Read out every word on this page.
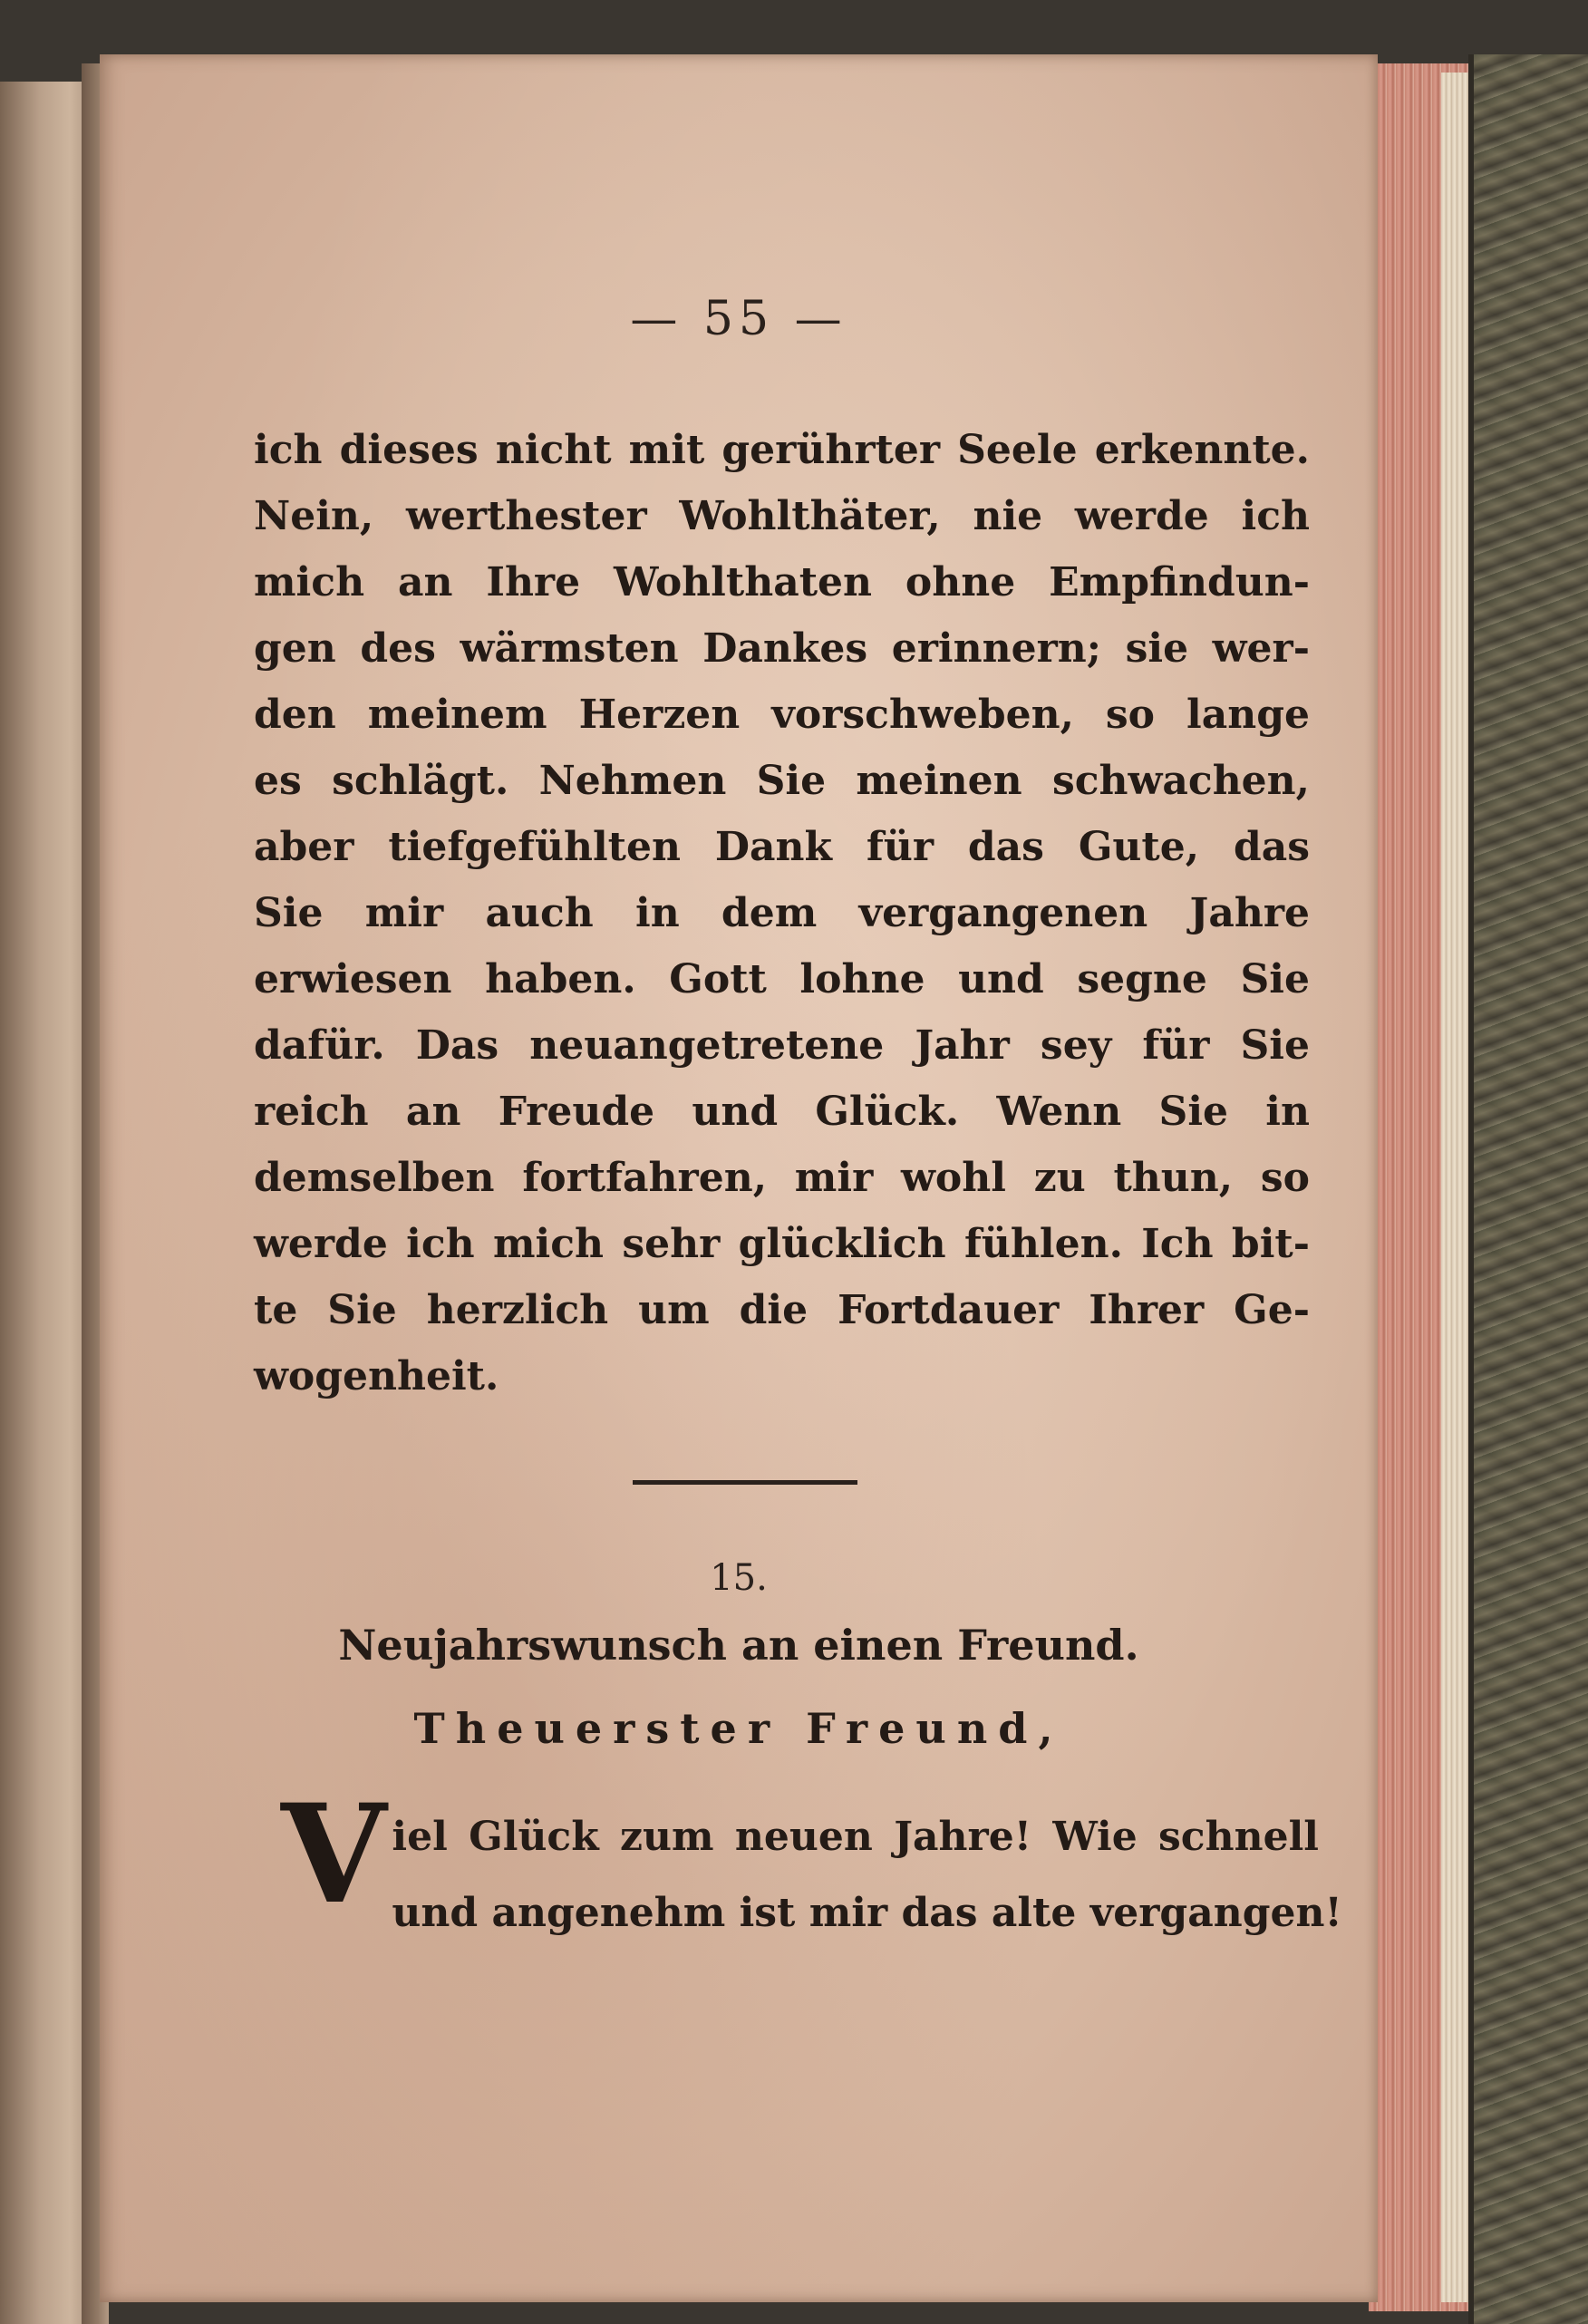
— 55 —
ich dieses nicht mit gerührter Seele erkennte.
Nein, werthester Wohlthäter, nie werde ich
mich an Ihre Wohlthaten ohne Empfindun-
gen des wärmsten Dankes erinnern; sie wer-
den meinem Herzen vorschweben, so lange
es schlägt. Nehmen Sie meinen schwachen,
aber tiefgefühlten Dank für das Gute, das
Sie mir auch in dem vergangenen Jahre
erwiesen haben. Gott lohne und segne Sie
dafür. Das neuangetretene Jahr sey für Sie
reich an Freude und Glück. Wenn Sie in
demselben fortfahren, mir wohl zu thun, so
werde ich mich sehr glücklich fühlen. Ich bit-
te Sie herzlich um die Fortdauer Ihrer Ge-
wogenheit.
15.
Neujahrswunsch an einen Freund.
Theuerster Freund,
V iel Glück zum neuen Jahre! Wie schnell
und angenehm ist mir das alte vergangen!
